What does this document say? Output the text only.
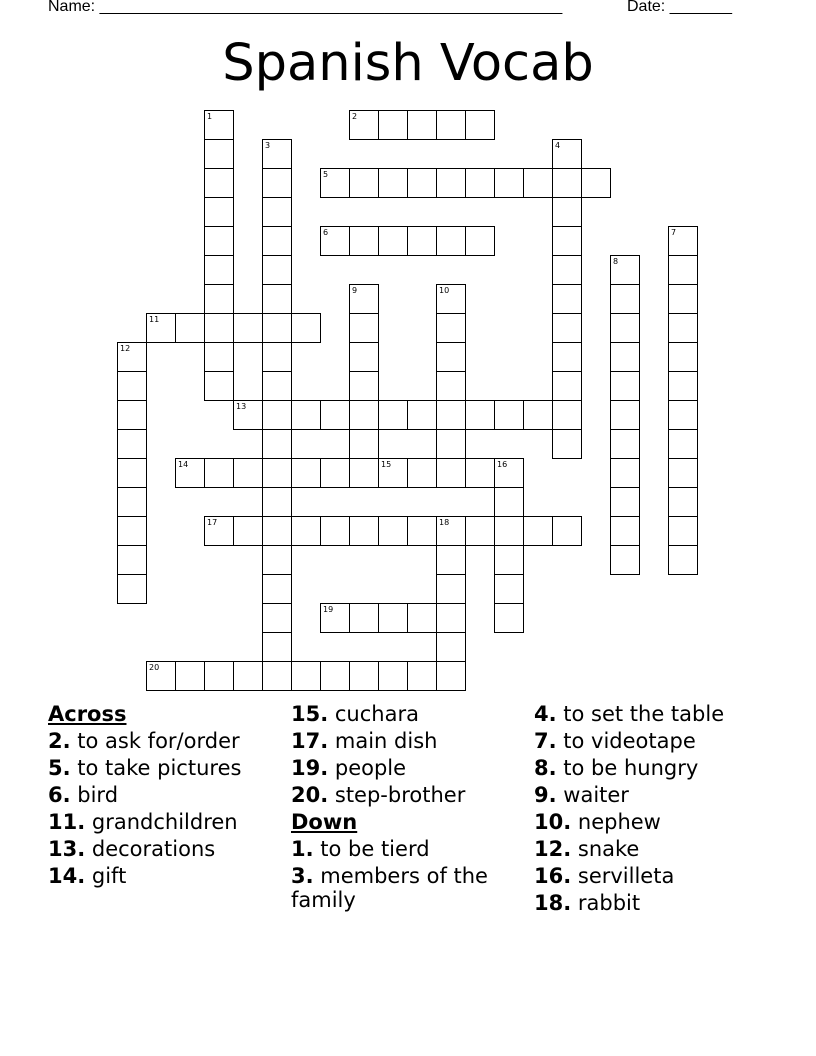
Name: ____________________________________________________	Date: _______
Spanish Vocab
2
5
6
11
13
14	15	16
17	18
19
20
1
3	4
7
8
9	10
12
Across
2. to ask for/order
5. to take pictures
6. bird
11. grandchildren
13. decorations
14. gift
15. cuchara
17. main dish
19. people
20. step-brother
Down
1. to be tierd
3. members of the family
4. to set the table
7. to videotape
8. to be hungry
9. waiter
10. nephew
12. snake
16. servilleta
18. rabbit
